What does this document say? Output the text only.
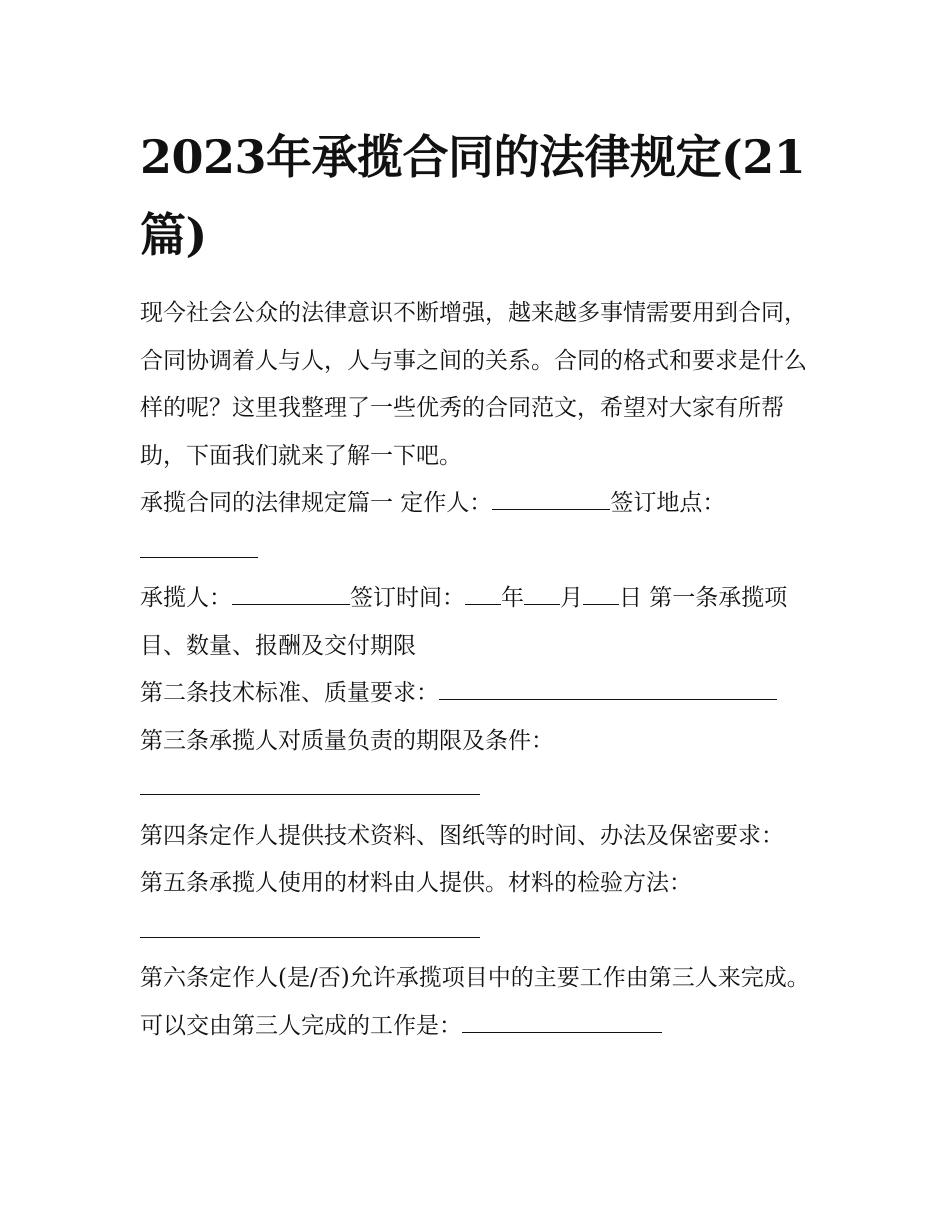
2023年承揽合同的法律规定(21篇)

现今社会公众的法律意识不断增强，越来越多事情需要用到合同，合同协调着人与人，人与事之间的关系。合同的格式和要求是什么样的呢？这里我整理了一些优秀的合同范文，希望对大家有所帮助，下面我们就来了解一下吧。

承揽合同的法律规定篇一 定作人：	签订地点：

承揽人：	签订时间： 年 月 日 第一条承揽项目、数量、报酬及交付期限

第二条技术标准、质量要求：

第三条承揽人对质量负责的期限及条件：

第四条定作人提供技术资料、图纸等的时间、办法及保密要求：

第五条承揽人使用的材料由人提供。材料的检验方法：

第六条定作人(是/否)允许承揽项目中的主要工作由第三人来完成。可以交由第三人完成的工作是：
